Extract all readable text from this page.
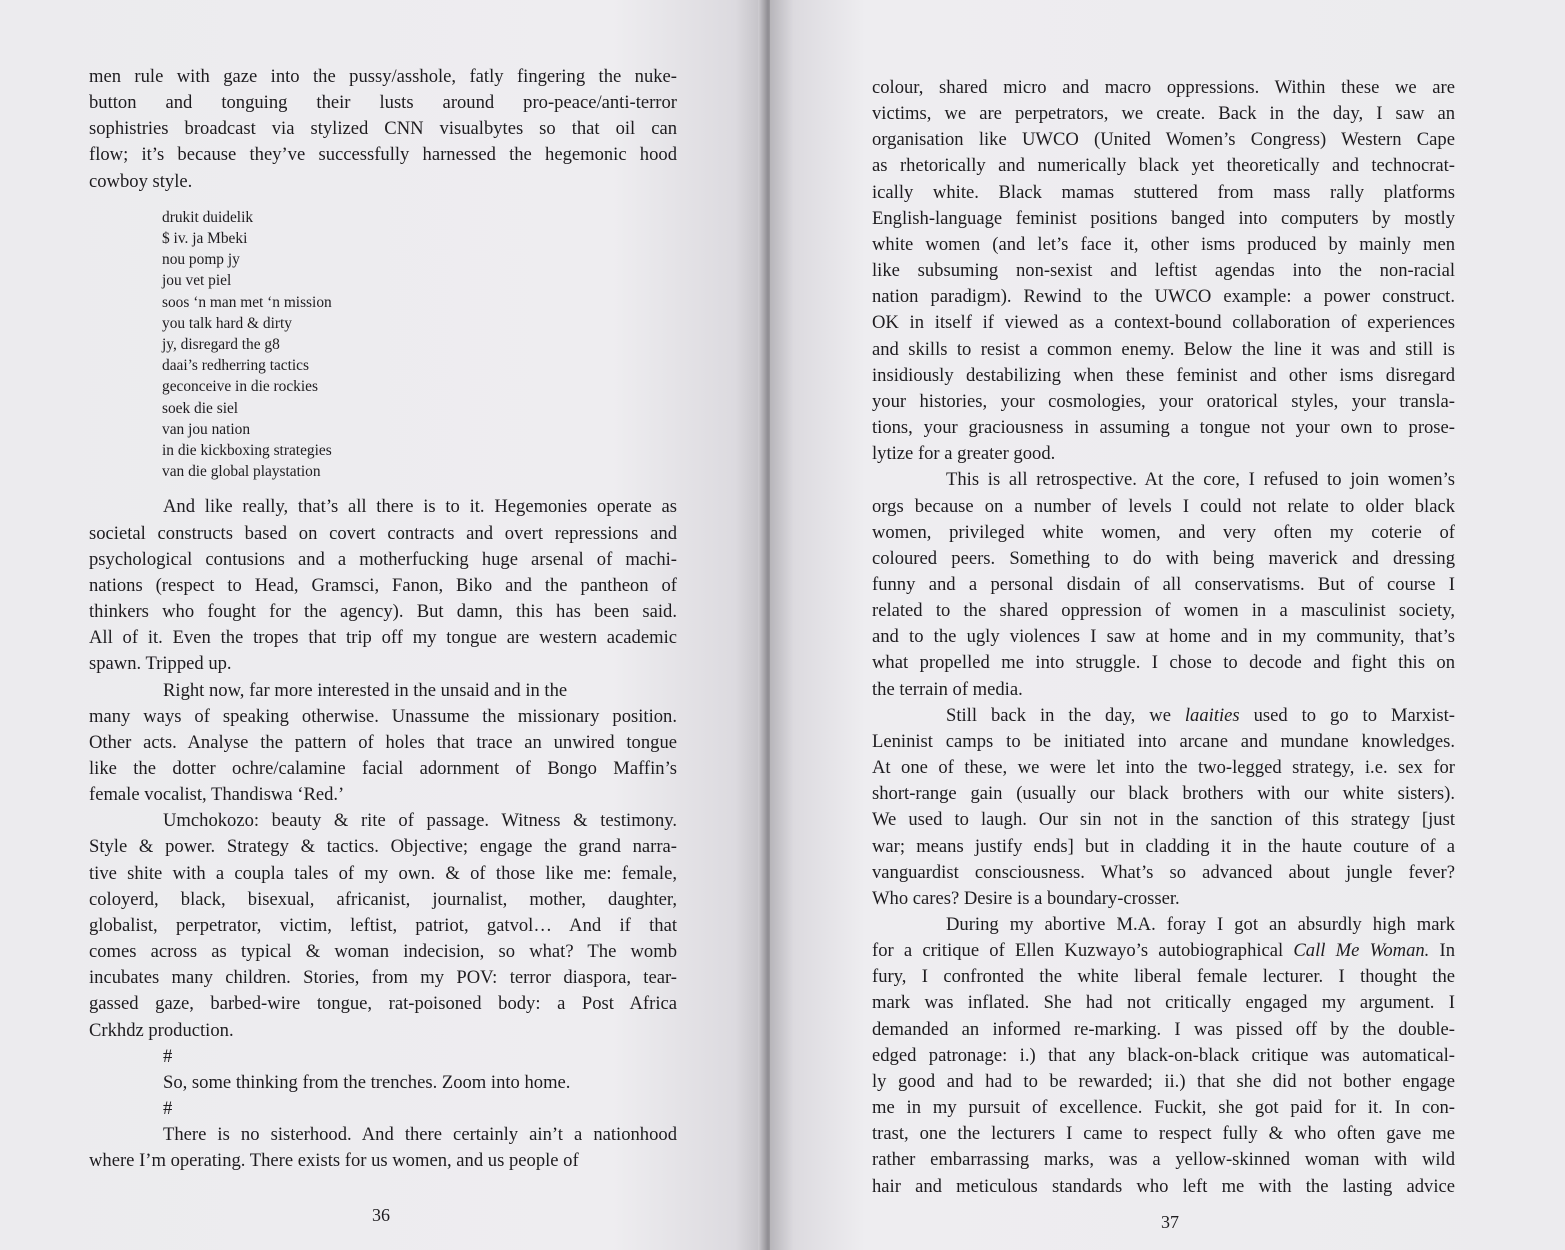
men rule with gaze into the pussy/asshole, fatly fingering the nuke-
button and tonguing their lusts around pro-peace/anti-terror
sophistries broadcast via stylized CNN visualbytes so that oil can
flow; it’s because they’ve successfully harnessed the hegemonic hood
cowboy style.

drukit duidelik
$ iv. ja Mbeki
nou pomp jy
jou vet piel
soos ‘n man met ‘n mission
you talk hard & dirty
jy, disregard the g8
daai’s redherring tactics
geconceive in die rockies
soek die siel
van jou nation
in die kickboxing strategies
van die global playstation

And like really, that’s all there is to it. Hegemonies operate as
societal constructs based on covert contracts and overt repressions and
psychological contusions and a motherfucking huge arsenal of machi-
nations (respect to Head, Gramsci, Fanon, Biko and the pantheon of
thinkers who fought for the agency). But damn, this has been said.
All of it. Even the tropes that trip off my tongue are western academic
spawn. Tripped up.

Right now, far more interested in the unsaid and in the
many ways of speaking otherwise. Unassume the missionary position.
Other acts. Analyse the pattern of holes that trace an unwired tongue
like the dotter ochre/calamine facial adornment of Bongo Maffin’s
female vocalist, Thandiswa ‘Red.’

Umchokozo: beauty & rite of passage. Witness & testimony.
Style & power. Strategy & tactics. Objective; engage the grand narra-
tive shite with a coupla tales of my own. & of those like me: female,
coloyerd, black, bisexual, africanist, journalist, mother, daughter,
globalist, perpetrator, victim, leftist, patriot, gatvol… And if that
comes across as typical & woman indecision, so what? The womb
incubates many children. Stories, from my POV: terror diaspora, tear-
gassed gaze, barbed-wire tongue, rat-poisoned body: a Post Africa
Crkhdz production.

#
So, some thinking from the trenches. Zoom into home.
#

There is no sisterhood. And there certainly ain’t a nationhood
where I’m operating. There exists for us women, and us people of

36

colour, shared micro and macro oppressions. Within these we are
victims, we are perpetrators, we create. Back in the day, I saw an
organisation like UWCO (United Women’s Congress) Western Cape
as rhetorically and numerically black yet theoretically and technocrat-
ically white. Black mamas stuttered from mass rally platforms
English-language feminist positions banged into computers by mostly
white women (and let’s face it, other isms produced by mainly men
like subsuming non-sexist and leftist agendas into the non-racial
nation paradigm). Rewind to the UWCO example: a power construct.
OK in itself if viewed as a context-bound collaboration of experiences
and skills to resist a common enemy. Below the line it was and still is
insidiously destabilizing when these feminist and other isms disregard
your histories, your cosmologies, your oratorical styles, your transla-
tions, your graciousness in assuming a tongue not your own to prose-
lytize for a greater good.

This is all retrospective. At the core, I refused to join women’s
orgs because on a number of levels I could not relate to older black
women, privileged white women, and very often my coterie of
coloured peers. Something to do with being maverick and dressing
funny and a personal disdain of all conservatisms. But of course I
related to the shared oppression of women in a masculinist society,
and to the ugly violences I saw at home and in my community, that’s
what propelled me into struggle. I chose to decode and fight this on
the terrain of media.

Still back in the day, we laaities used to go to Marxist-
Leninist camps to be initiated into arcane and mundane knowledges.
At one of these, we were let into the two-legged strategy, i.e. sex for
short-range gain (usually our black brothers with our white sisters).
We used to laugh. Our sin not in the sanction of this strategy [just
war; means justify ends] but in cladding it in the haute couture of a
vanguardist consciousness. What’s so advanced about jungle fever?
Who cares? Desire is a boundary-crosser.

During my abortive M.A. foray I got an absurdly high mark
for a critique of Ellen Kuzwayo’s autobiographical Call Me Woman. In
fury, I confronted the white liberal female lecturer. I thought the
mark was inflated. She had not critically engaged my argument. I
demanded an informed re-marking. I was pissed off by the double-
edged patronage: i.) that any black-on-black critique was automatical-
ly good and had to be rewarded; ii.) that she did not bother engage
me in my pursuit of excellence. Fuckit, she got paid for it. In con-
trast, one the lecturers I came to respect fully & who often gave me
rather embarrassing marks, was a yellow-skinned woman with wild
hair and meticulous standards who left me with the lasting advice

37
